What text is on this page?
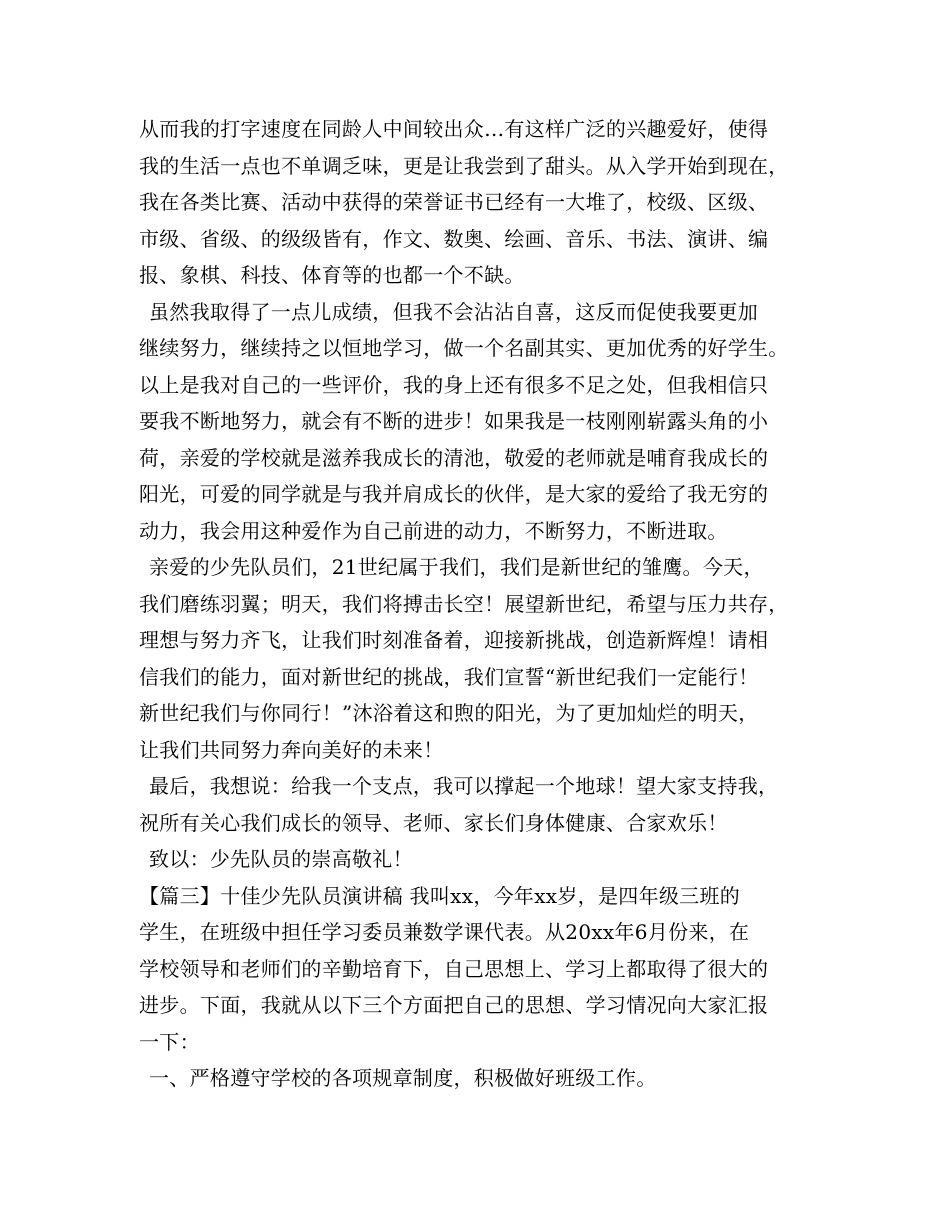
从而我的打字速度在同龄人中间较出众…有这样广泛的兴趣爱好，使得
我的生活一点也不单调乏味，更是让我尝到了甜头。从入学开始到现在，
我在各类比赛、活动中获得的荣誉证书已经有一大堆了，校级、区级、
市级、省级、的级级皆有，作文、数奥、绘画、音乐、书法、演讲、编
报、象棋、科技、体育等的也都一个不缺。
虽然我取得了一点儿成绩，但我不会沾沾自喜，这反而促使我要更加
继续努力，继续持之以恒地学习，做一个名副其实、更加优秀的好学生。
以上是我对自己的一些评价，我的身上还有很多不足之处，但我相信只
要我不断地努力，就会有不断的进步！如果我是一枝刚刚崭露头角的小
荷，亲爱的学校就是滋养我成长的清池，敬爱的老师就是哺育我成长的
阳光，可爱的同学就是与我并肩成长的伙伴，是大家的爱给了我无穷的
动力，我会用这种爱作为自己前进的动力，不断努力，不断进取。
亲爱的少先队员们，21世纪属于我们，我们是新世纪的雏鹰。今天，
我们磨练羽翼；明天，我们将搏击长空！展望新世纪，希望与压力共存，
理想与努力齐飞，让我们时刻准备着，迎接新挑战，创造新辉煌！请相
信我们的能力，面对新世纪的挑战，我们宣誓“新世纪我们一定能行！
新世纪我们与你同行！”沐浴着这和煦的阳光，为了更加灿烂的明天，
让我们共同努力奔向美好的未来！
最后，我想说：给我一个支点，我可以撑起一个地球！望大家支持我，
祝所有关心我们成长的领导、老师、家长们身体健康、合家欢乐！
致以：少先队员的崇高敬礼！
【篇三】十佳少先队员演讲稿 我叫xx，今年xx岁，是四年级三班的
学生，在班级中担任学习委员兼数学课代表。从20xx年6月份来，在
学校领导和老师们的辛勤培育下，自己思想上、学习上都取得了很大的
进步。下面，我就从以下三个方面把自己的思想、学习情况向大家汇报
一下：
一、严格遵守学校的各项规章制度，积极做好班级工作。
